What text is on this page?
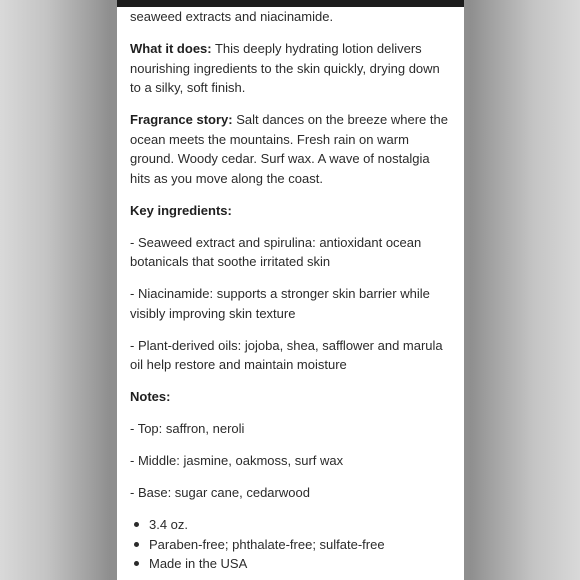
seaweed extracts and niacinamide.

What it does: This deeply hydrating lotion delivers nourishing ingredients to the skin quickly, drying down to a silky, soft finish.

Fragrance story: Salt dances on the breeze where the ocean meets the mountains. Fresh rain on warm ground. Woody cedar. Surf wax. A wave of nostalgia hits as you move along the coast.

Key ingredients:

- Seaweed extract and spirulina: antioxidant ocean botanicals that soothe irritated skin

- Niacinamide: supports a stronger skin barrier while visibly improving skin texture

- Plant-derived oils: jojoba, shea, safflower and marula oil help restore and maintain moisture

Notes:

- Top: saffron, neroli

- Middle: jasmine, oakmoss, surf wax

- Base: sugar cane, cedarwood

3.4 oz.
Paraben-free; phthalate-free; sulfate-free
Made in the USA
